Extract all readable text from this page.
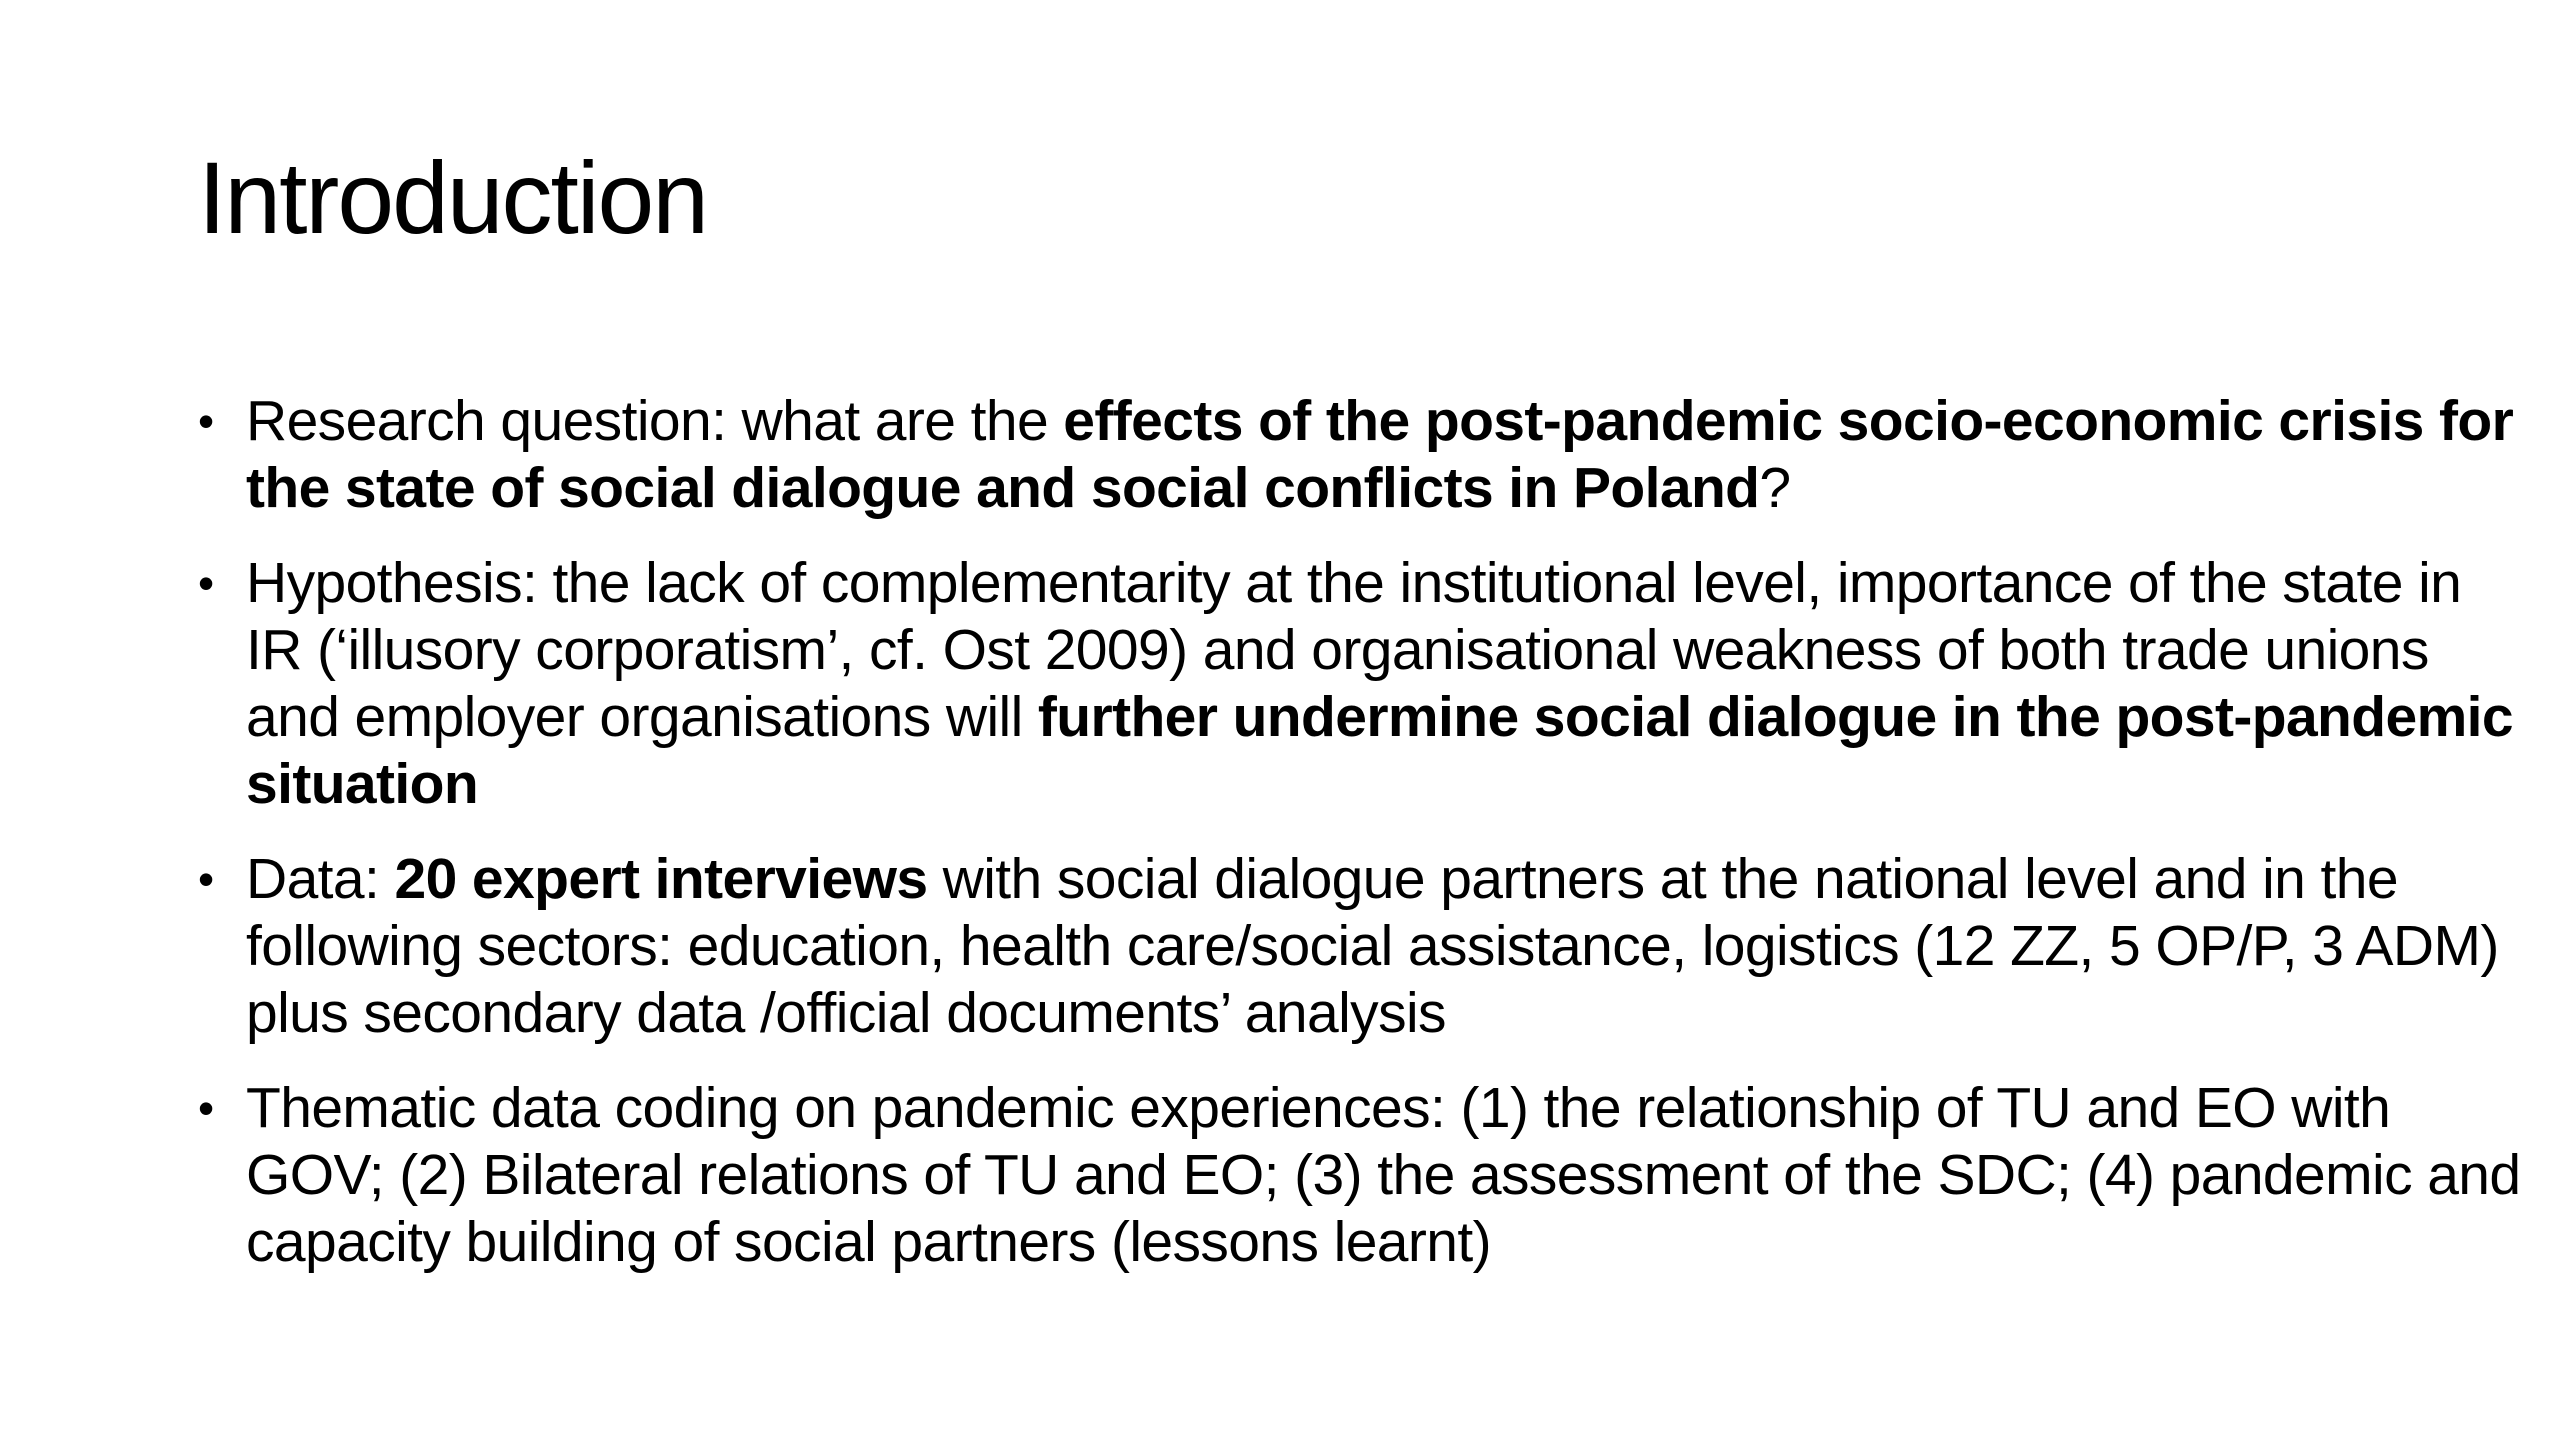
Introduction
• Research question: what are the effects of the post-pandemic socio-economic crisis for the state of social dialogue and social conflicts in Poland?
• Hypothesis: the lack of complementarity at the institutional level, importance of the state in IR (‘illusory corporatism’, cf. Ost 2009) and organisational weakness of both trade unions and employer organisations will further undermine social dialogue in the post-pandemic situation
• Data: 20 expert interviews with social dialogue partners at the national level and in the following sectors: education, health care/social assistance, logistics (12 ZZ, 5 OP/P, 3 ADM) plus secondary data /official documents’ analysis
• Thematic data coding on pandemic experiences: (1) the relationship of TU and EO with GOV; (2) Bilateral relations of TU and EO; (3) the assessment of the SDC; (4) pandemic and capacity building of social partners (lessons learnt)
